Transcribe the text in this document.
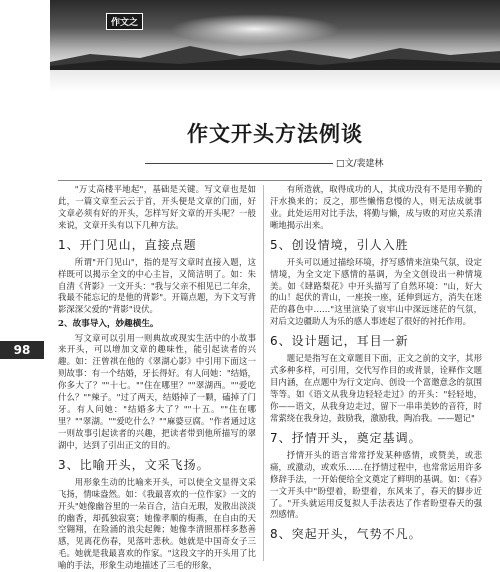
作文之
98
作文开头方法例谈
□文/裴建林

"万丈高楼平地起"，基础是关键。写文章也是如此，一篇文章至云云于首，开头便是文章的门面，好文章必须有好的开头，怎样写好文章的开头呢？一般来说，文章开头有以下几种方法。

1、开门见山，直接点题

所谓"开门见山"，指的是写文章时直接入题，这样既可以揭示全文的中心主旨，又简洁明了。如：朱自清《背影》一文开头："我与父亲不相见已二年余，我最不能忘记的是他的背影"。开篇点题，为下文写背影深深父爱的"背影"设伏。

2、故事导入，妙趣横生。

写文章可以引用一则典故或现实生活中的小故事来开头，可以增加文章的趣味性，能引起读者的兴趣。如：汪曾祺在他的《翠湖心影》中引用下面这一则故事：有一个结婚，牙长得好。有人问她："结婚，你多大了？""十七。""住在哪里？""翠湖西。""爱吃什么？""辣子。"过了两天，结婚掉了一颗，磕掉了门牙。有人问她："结婚多大了？""十五。""住在哪里？""翠湖。""爱吃什么？""麻婆豆腐。"作者通过这一则故事引起读者的兴趣，把读者带到他所描写的翠湖中，达到了引出正文的目的。

3、比喻开头，文采飞扬。

用形象生动的比喻来开头，可以使全文显得文采飞扬，情味盎然。如：《我最喜欢的一位作家》一文的开头"她像幽谷里的一朵百合，洁白无瑕，发散出淡淡的幽香，却孤独寂寞；她像孝顺的梅燕，在自由的天空翱翔，在险涌的浪尖起舞；她像李清照那样多愁善感，见离花伤春，见落叶悲秋。她就是中国奇女子三毛。她就是我最喜欢的作家。"这段文字的开头用了比喻的手法，形象生动地描述了三毛的形象，

有所造就，取得成功的人，其成功没有不是用辛勤的汗水换来的；反之，那些懒惰怠慢的人，则无法成就事业。此处运用对比手法，将勤与懒，成与败的对应关系清晰地揭示出来。

5、创设情境，引人入胜

开头可以通过描绘环境，抒写感情来渲染气氛，设定情境，为全文定下感情的基调，为全文创设出一种情境美。如《肆路梨花》中开头描写了自然环境："山，好大的山！起伏的青山，一座挨一座，延伸到远方，消失在迷茫的暮色中……"这里渲染了哀牢山中深远迷茫的气氛，对后文边疆助人为乐的感人事迹起了很好的衬托作用。

6、设计题记，耳目一新

题记是指写在文章题目下面，正文之前的文字，其形式多种多样，可引用，交代写作目的或背景，诠释作文题目内涵，在点题中为行文定向、创设一个富邀意念的氛围等等。如《语文从我身边轻轻走过》的开头："轻轻地，你——语文，从我身边走过，留下一串串美妙的音符，时常萦绕在我身边，鼓励我，激励我，陶冶我。——题记"

7、抒情开头，奠定基调。

抒情开头的语言常常抒发某种感情，或赞美，或悲痛，或激动，或欢乐……在抒情过程中，也常常运用许多修辞手法，一开始便给全文奠定了鲜明的基调。如：《春》一文开头中"盼望着，盼望着，东风来了，春天的脚步近了。"开头就运用反复拟人手法表达了作者盼望春天的强烈感情。

8、突起开头，气势不凡。
